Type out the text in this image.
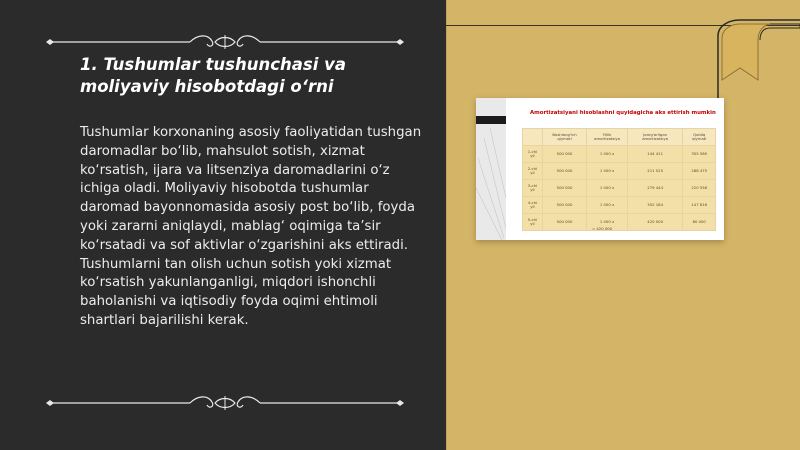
1. Tushumlar tushunchasi va moliyaviy hisobotdagi o‘rni

Tushumlar korxonaning asosiy faoliyatidan tushgan daromadlar bo‘lib, mahsulot sotish, xizmat ko‘rsatish, ijara va litsenziya daromadlarini o‘z ichiga oladi. Moliyaviy hisobotda tushumlar daromad bayonnomasida asosiy post bo‘lib, foyda yoki zararni aniqlaydi, mablag‘ oqimiga ta’sir ko‘rsatadi va sof aktivlar o‘zgarishini aks ettiradi. Tushumlarni tan olish uchun sotish yoki xizmat ko‘rsatish yakunlanganligi, miqdori ishonchli baholanishi va iqtisodiy foyda oqimi ehtimoli shartlari bajarilishi kerak.

Amortizatsiyani hisoblashni quyidagicha aks ettirish mumkin
	Boshlang‘ich qiymati	Yillik amortizatsiya	Jamg‘arilgan amortizatsiya	Qoldiq qiymati
1-chi yil	500 000	1 000 x	144 411	355 589
2-chi yil	500 000	1 000 x	211 525	288 475
3-chi yil	500 000	1 000 x	279 444	220 556
4-chi yil	500 000	1 000 x	352 184	147 816
5-chi yil	500 000	1 000 x	420 000	80 000
= 420 000
